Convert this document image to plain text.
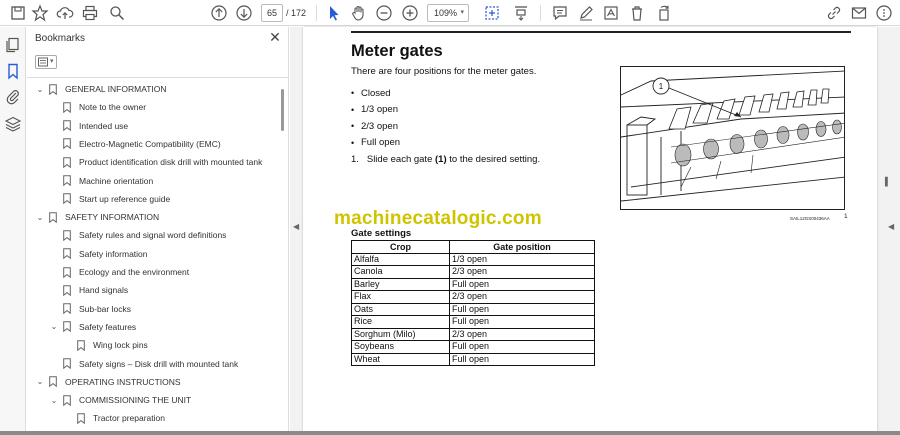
65	/ 172	109% ▾
Bookmarks	✕
▾
⌄	GENERAL INFORMATION
Note to the owner
Intended use
Electro-Magnetic Compatibility (EMC)
Product identification disk drill with mounted tank
Machine orientation
Start up reference guide
⌄	SAFETY INFORMATION
Safety rules and signal word definitions
Safety information
Ecology and the environment
Hand signals
Sub-bar locks
⌄	Safety features
Wing lock pins
Safety signs – Disk drill with mounted tank
⌄	OPERATING INSTRUCTIONS
⌄	COMMISSIONING THE UNIT
Tractor preparation
◀
▐
◀
Meter gates
There are four positions for the meter gates.
• Closed
• 1/3 open
• 2/3 open
• Full open
1. Slide each gate (1) to the desired setting.
1
SAIL12GS00436AA 1
machinecatalogic.com
Gate settings
Crop	Gate position
Alfalfa	1/3 open
Canola	2/3 open
Barley	Full open
Flax	2/3 open
Oats	Full open
Rice	Full open
Sorghum (Milo)	2/3 open
Soybeans	Full open
Wheat	Full open
